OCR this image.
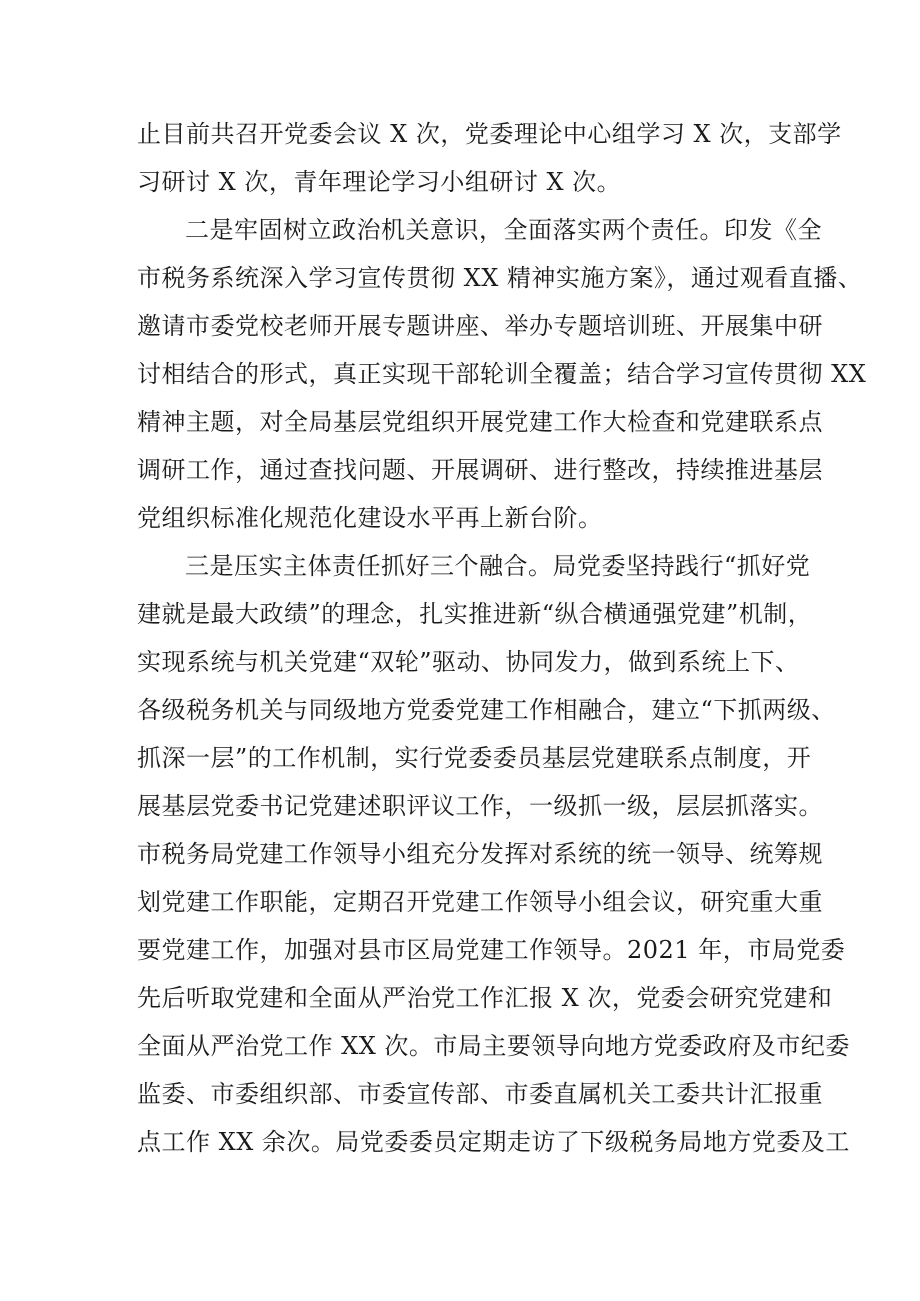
止目前共召开党委会议 X 次，党委理论中心组学习 X 次，支部学
习研讨 X 次，青年理论学习小组研讨 X 次。
二是牢固树立政治机关意识，全面落实两个责任。印发《全
市税务系统深入学习宣传贯彻 XX 精神实施方案》，通过观看直播、
邀请市委党校老师开展专题讲座、举办专题培训班、开展集中研
讨相结合的形式，真正实现干部轮训全覆盖；结合学习宣传贯彻 XX
精神主题，对全局基层党组织开展党建工作大检查和党建联系点
调研工作，通过查找问题、开展调研、进行整改，持续推进基层
党组织标准化规范化建设水平再上新台阶。
三是压实主体责任抓好三个融合。局党委坚持践行“抓好党
建就是最大政绩”的理念，扎实推进新“纵合横通强党建”机制，
实现系统与机关党建“双轮”驱动、协同发力，做到系统上下、
各级税务机关与同级地方党委党建工作相融合，建立“下抓两级、
抓深一层”的工作机制，实行党委委员基层党建联系点制度，开
展基层党委书记党建述职评议工作，一级抓一级，层层抓落实。
市税务局党建工作领导小组充分发挥对系统的统一领导、统筹规
划党建工作职能，定期召开党建工作领导小组会议，研究重大重
要党建工作，加强对县市区局党建工作领导。2021 年，市局党委
先后听取党建和全面从严治党工作汇报 X 次，党委会研究党建和
全面从严治党工作 XX 次。市局主要领导向地方党委政府及市纪委
监委、市委组织部、市委宣传部、市委直属机关工委共计汇报重
点工作 XX 余次。局党委委员定期走访了下级税务局地方党委及工
